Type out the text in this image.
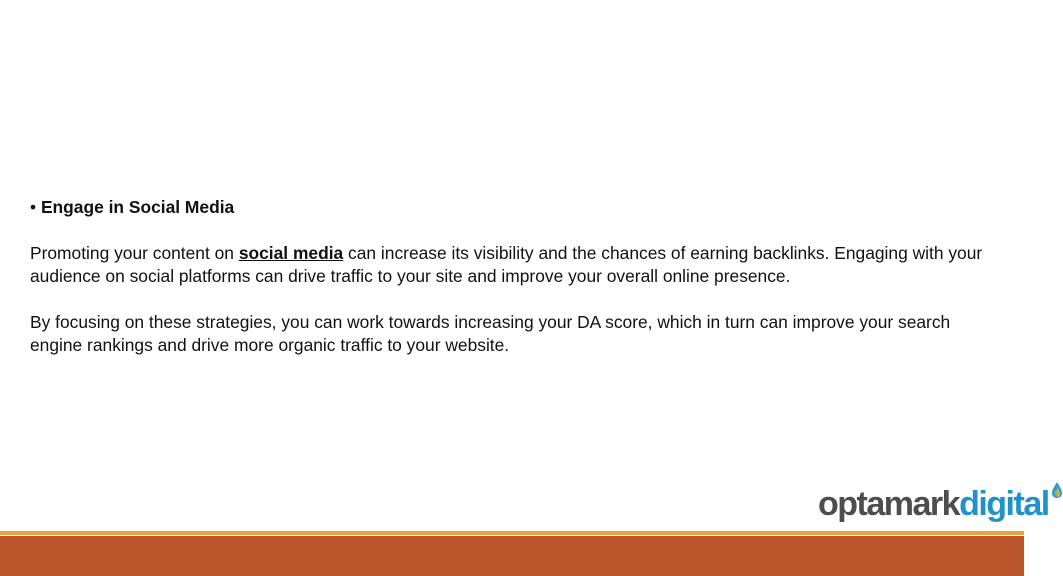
• Engage in Social Media

Promoting your content on social media can increase its visibility and the chances of earning backlinks. Engaging with your audience on social platforms can drive traffic to your site and improve your overall online presence.

By focusing on these strategies, you can work towards increasing your DA score, which in turn can improve your search engine rankings and drive more organic traffic to your website.

optamark digital
